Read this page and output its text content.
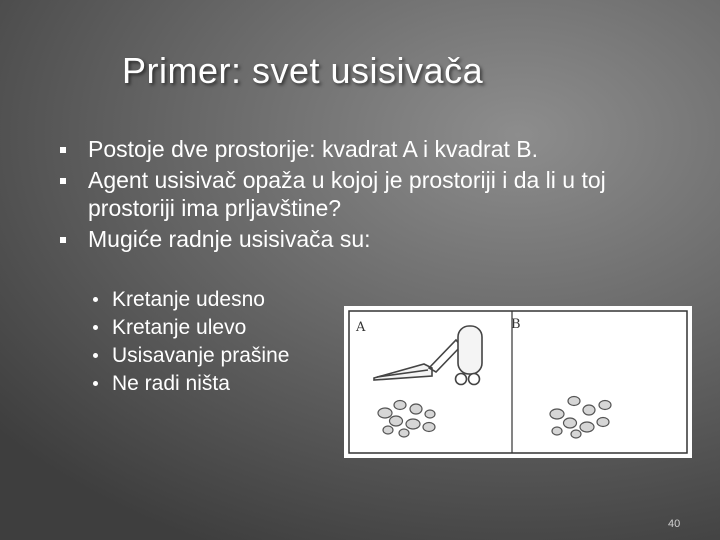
Primer: svet usisivača
Postoje dve prostorije: kvadrat A i kvadrat B.
Agent usisivač opaža u kojoj je prostoriji i da li u toj prostoriji ima prljavštine?
Mugiće radnje usisivača su:
Kretanje udesno
Kretanje ulevo
Usisavanje prašine
Ne radi ništa
A	B
40
